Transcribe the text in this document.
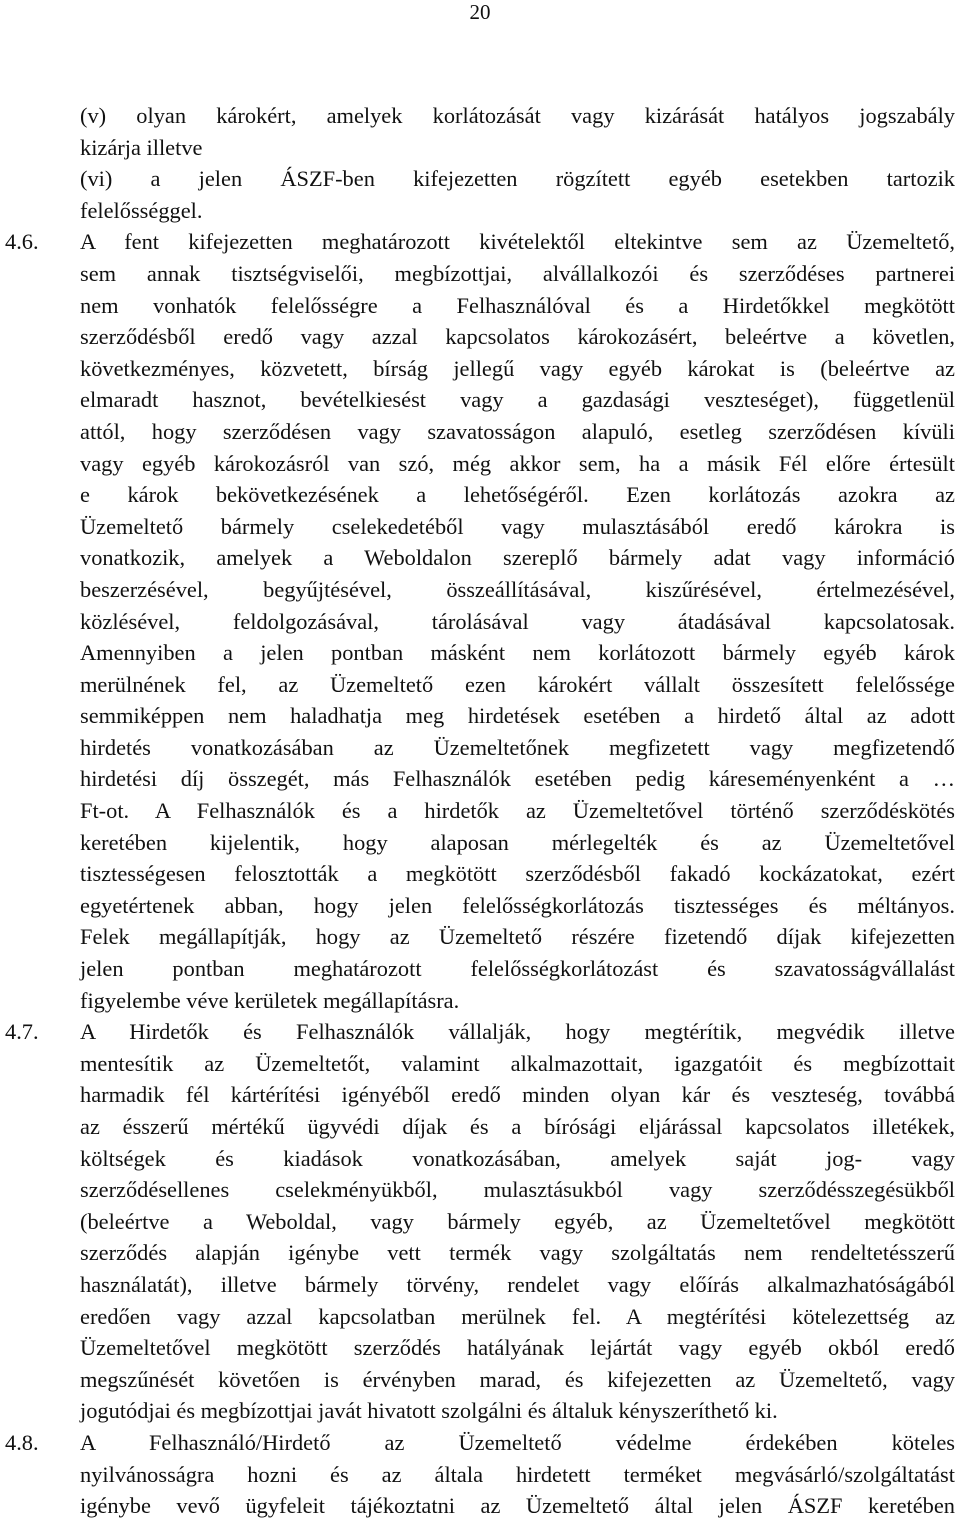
20
(v) olyan károkért, amelyek korlátozását vagy kizárását hatályos jogszabály
kizárja illetve
(vi) a jelen ÁSZF-ben kifejezetten rögzített egyéb esetekben tartozik
felelősséggel.
4.6. A fent kifejezetten meghatározott kivételektől eltekintve sem az Üzemeltető,
sem annak tisztségviselői, megbízottjai, alvállalkozói és szerződéses partnerei
nem vonhatók felelősségre a Felhasználóval és a Hirdetőkkel megkötött
szerződésből eredő vagy azzal kapcsolatos károkozásért, beleértve a követlen,
következményes, közvetett, bírság jellegű vagy egyéb károkat is (beleértve az
elmaradt hasznot, bevételkiesést vagy a gazdasági veszteséget), függetlenül
attól, hogy szerződésen vagy szavatosságon alapuló, esetleg szerződésen kívüli
vagy egyéb károkozásról van szó, még akkor sem, ha a másik Fél előre értesült
e károk bekövetkezésének a lehetőségéről. Ezen korlátozás azokra az
Üzemeltető bármely cselekedetéből vagy mulasztásából eredő károkra is
vonatkozik, amelyek a Weboldalon szereplő bármely adat vagy információ
beszerzésével, begyűjtésével, összeállításával, kiszűrésével, értelmezésével,
közlésével, feldolgozásával, tárolásával vagy átadásával kapcsolatosak.
Amennyiben a jelen pontban másként nem korlátozott bármely egyéb károk
merülnének fel, az Üzemeltető ezen károkért vállalt összesített felelőssége
semmiképpen nem haladhatja meg hirdetések esetében a hirdető által az adott
hirdetés vonatkozásában az Üzemeltetőnek megfizetett vagy megfizetendő
hirdetési díj összegét, más Felhasználók esetében pedig káreseményenként a …
Ft-ot. A Felhasználók és a hirdetők az Üzemeltetővel történő szerződéskötés
keretében kijelentik, hogy alaposan mérlegelték és az Üzemeltetővel
tisztességesen felosztották a megkötött szerződésből fakadó kockázatokat, ezért
egyetértenek abban, hogy jelen felelősségkorlátozás tisztességes és méltányos.
Felek megállapítják, hogy az Üzemeltető részére fizetendő díjak kifejezetten
jelen pontban meghatározott felelősségkorlátozást és szavatosságvállalást
figyelembe véve kerületek megállapításra.
4.7. A Hirdetők és Felhasználók vállalják, hogy megtérítik, megvédik illetve
mentesítik az Üzemeltetőt, valamint alkalmazottait, igazgatóit és megbízottait
harmadik fél kártérítési igényéből eredő minden olyan kár és veszteség, továbbá
az ésszerű mértékű ügyvédi díjak és a bírósági eljárással kapcsolatos illetékek,
költségek és kiadások vonatkozásában, amelyek saját jog- vagy
szerződésellenes cselekményükből, mulasztásukból vagy szerződésszegésükből
(beleértve a Weboldal, vagy bármely egyéb, az Üzemeltetővel megkötött
szerződés alapján igénybe vett termék vagy szolgáltatás nem rendeltetésszerű
használatát), illetve bármely törvény, rendelet vagy előírás alkalmazhatóságából
eredően vagy azzal kapcsolatban merülnek fel. A megtérítési kötelezettség az
Üzemeltetővel megkötött szerződés hatályának lejártát vagy egyéb okból eredő
megszűnését követően is érvényben marad, és kifejezetten az Üzemeltető, vagy
jogutódjai és megbízottjai javát hivatott szolgálni és általuk kényszeríthető ki.
4.8. A Felhasználó/Hirdető az Üzemeltető védelme érdekében köteles
nyilvánosságra hozni és az általa hirdetett terméket megvásárló/szolgáltatást
igénybe vevő ügyfeleit tájékoztatni az Üzemeltető által jelen ÁSZF keretében
